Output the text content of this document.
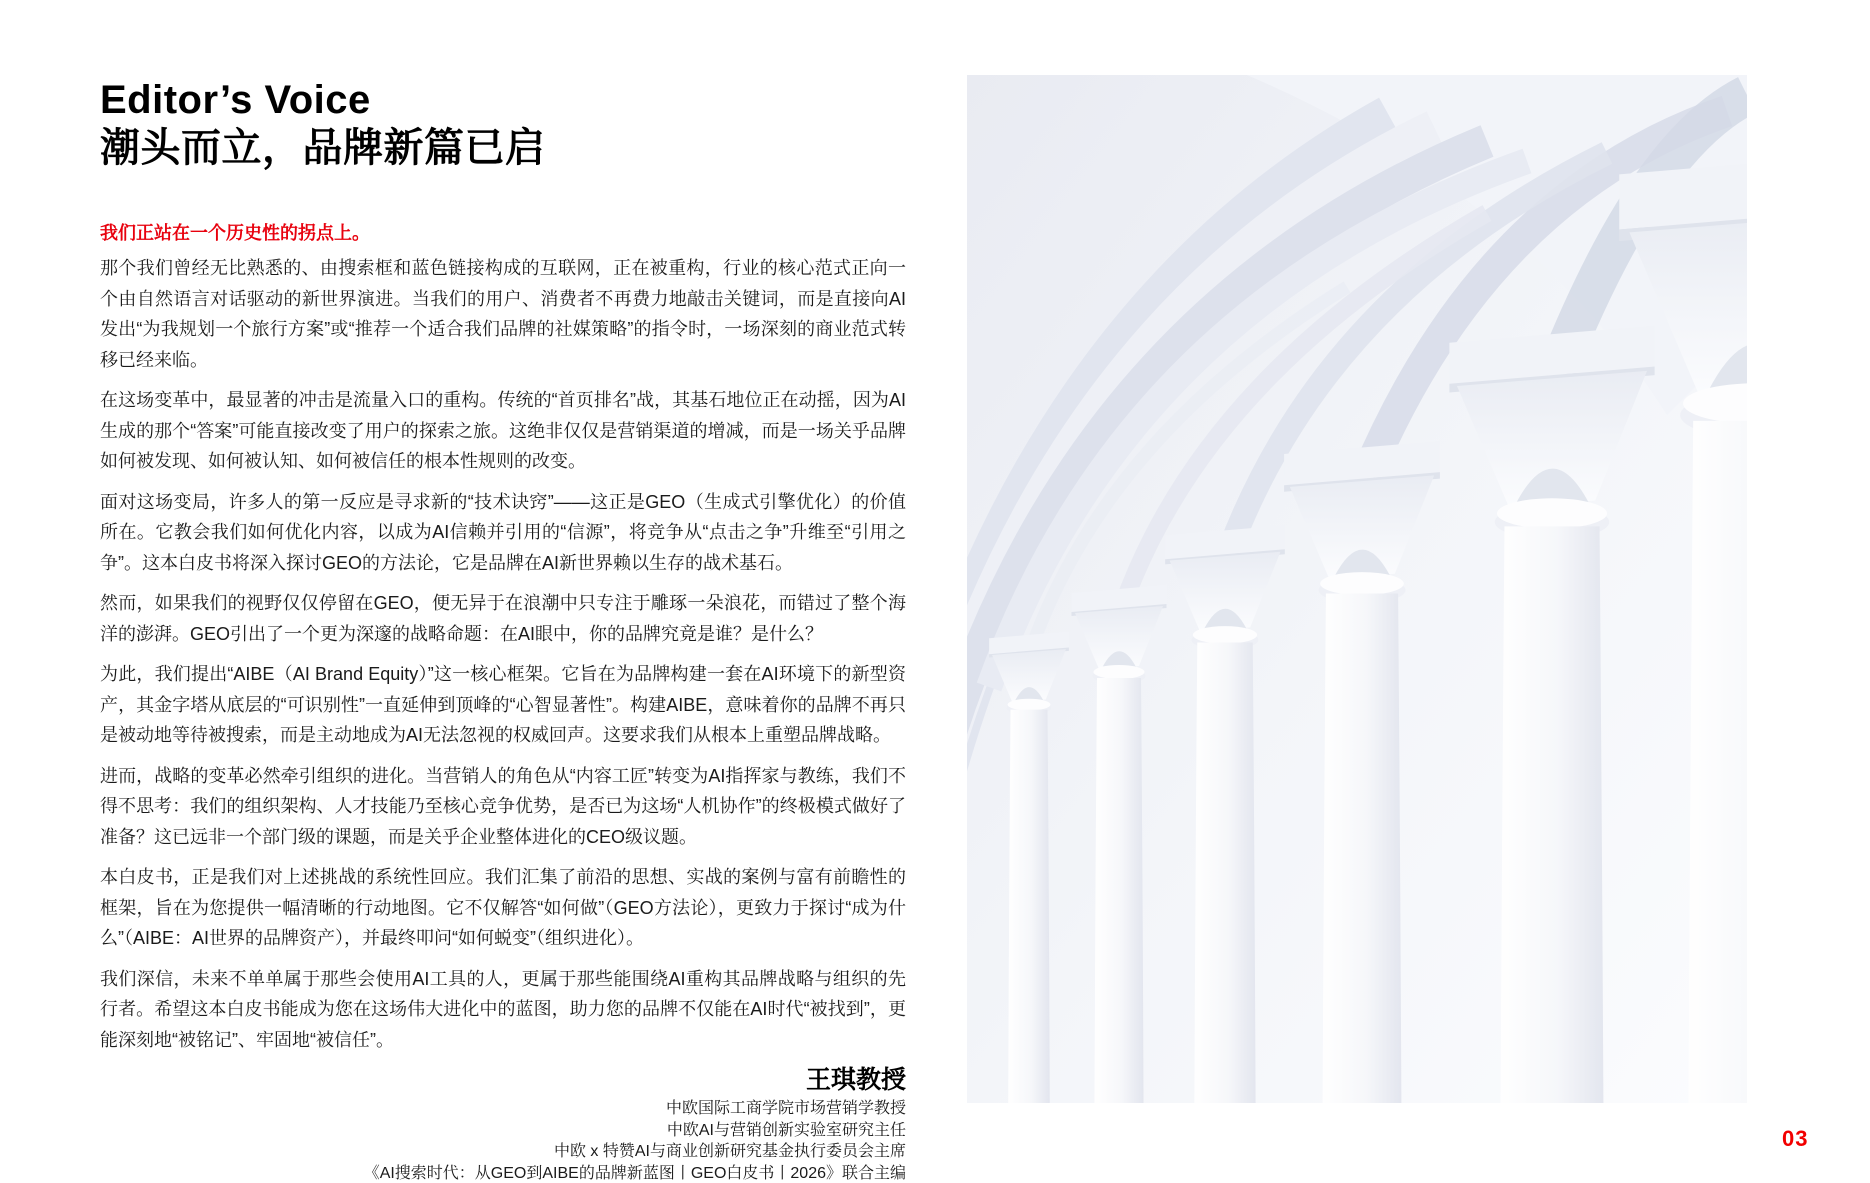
Editor’s Voice
潮头而立，品牌新篇已启
我们正站在一个历史性的拐点上。

那个我们曾经无比熟悉的、由搜索框和蓝色链接构成的互联网，正在被重构，行业的核心范式正向一个由自然语言对话驱动的新世界演进。当我们的用户、消费者不再费力地敲击关键词，而是直接向AI发出“为我规划一个旅行方案”或“推荐一个适合我们品牌的社媒策略”的指令时，一场深刻的商业范式转移已经来临。

在这场变革中，最显著的冲击是流量入口的重构。传统的“首页排名”战，其基石地位正在动摇，因为AI生成的那个“答案”可能直接改变了用户的探索之旅。这绝非仅仅是营销渠道的增减，而是一场关乎品牌如何被发现、如何被认知、如何被信任的根本性规则的改变。

面对这场变局，许多人的第一反应是寻求新的“技术诀窍”——这正是GEO（生成式引擎优化）的价值所在。它教会我们如何优化内容，以成为AI信赖并引用的“信源”，将竞争从“点击之争”升维至“引用之争”。这本白皮书将深入探讨GEO的方法论，它是品牌在AI新世界赖以生存的战术基石。

然而，如果我们的视野仅仅停留在GEO，便无异于在浪潮中只专注于雕琢一朵浪花，而错过了整个海洋的澎湃。GEO引出了一个更为深邃的战略命题：在AI眼中，你的品牌究竟是谁？是什么？

为此，我们提出“AIBE（AI Brand Equity）”这一核心框架。它旨在为品牌构建一套在AI环境下的新型资产，其金字塔从底层的“可识别性”一直延伸到顶峰的“心智显著性”。构建AIBE，意味着你的品牌不再只是被动地等待被搜索，而是主动地成为AI无法忽视的权威回声。这要求我们从根本上重塑品牌战略。

进而，战略的变革必然牵引组织的进化。当营销人的角色从“内容工匠”转变为AI指挥家与教练，我们不得不思考：我们的组织架构、人才技能乃至核心竞争优势，是否已为这场“人机协作”的终极模式做好了准备？这已远非一个部门级的课题，而是关乎企业整体进化的CEO级议题。

本白皮书，正是我们对上述挑战的系统性回应。我们汇集了前沿的思想、实战的案例与富有前瞻性的框架，旨在为您提供一幅清晰的行动地图。它不仅解答“如何做”（GEO方法论），更致力于探讨“成为什么”（AIBE：AI世界的品牌资产），并最终叩问“如何蜕变”（组织进化）。

我们深信，未来不单单属于那些会使用AI工具的人，更属于那些能围绕AI重构其品牌战略与组织的先行者。希望这本白皮书能成为您在这场伟大进化中的蓝图，助力您的品牌不仅能在AI时代“被找到”，更能深刻地“被铭记”、牢固地“被信任”。

王琪教授
中欧国际工商学院市场营销学教授
中欧AI与营销创新实验室研究主任
中欧 x 特赞AI与商业创新研究基金执行委员会主席
《AI搜索时代：从GEO到AIBE的品牌新蓝图丨GEO白皮书丨2026》联合主编
03
